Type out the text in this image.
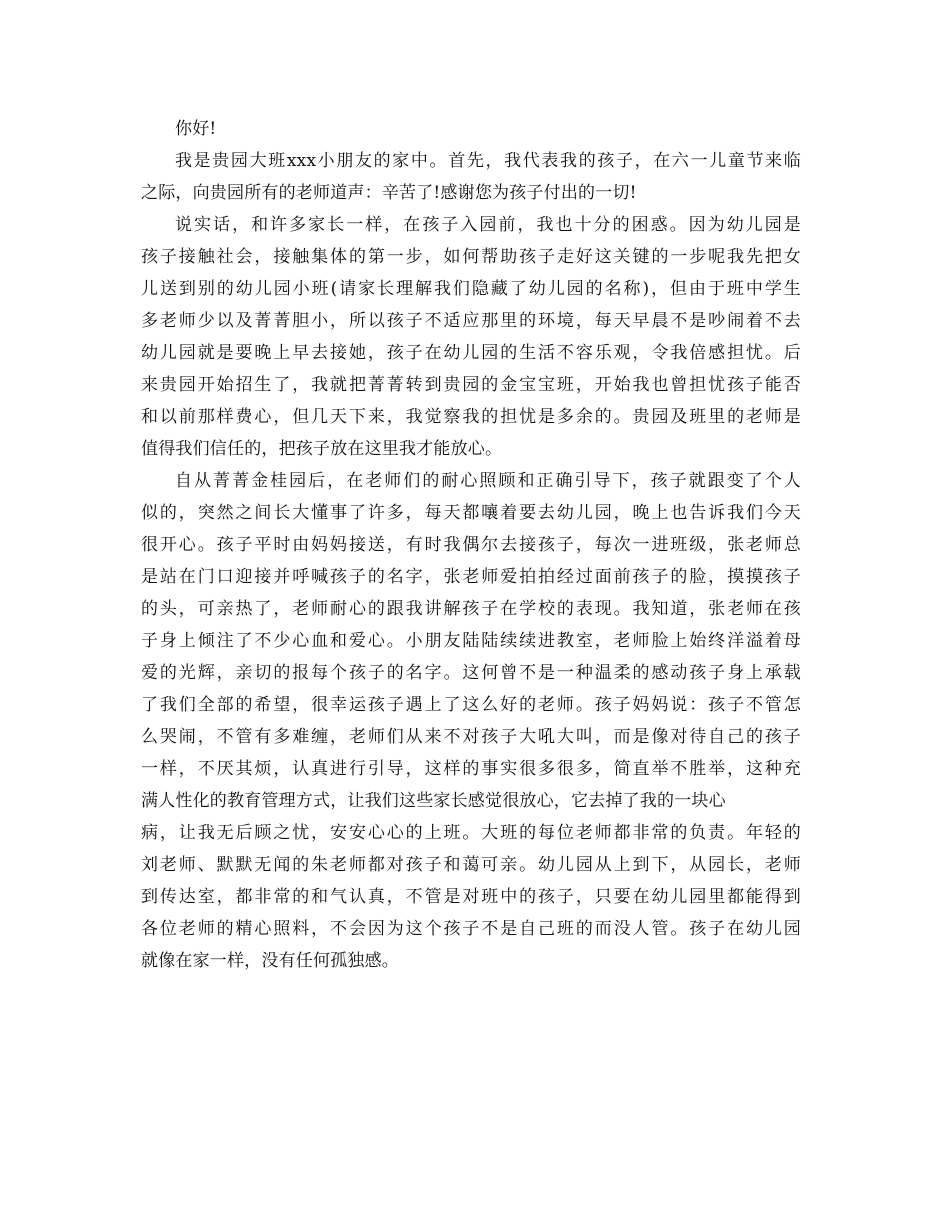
你好!
我是贵园大班xxx小朋友的家中。首先，我代表我的孩子，在六一儿童节来临
之际，向贵园所有的老师道声：辛苦了!感谢您为孩子付出的一切!
说实话，和许多家长一样，在孩子入园前，我也十分的困惑。因为幼儿园是
孩子接触社会，接触集体的第一步，如何帮助孩子走好这关键的一步呢我先把女
儿送到别的幼儿园小班(请家长理解我们隐藏了幼儿园的名称)，但由于班中学生
多老师少以及菁菁胆小，所以孩子不适应那里的环境，每天早晨不是吵闹着不去
幼儿园就是要晚上早去接她，孩子在幼儿园的生活不容乐观，令我倍感担忧。后
来贵园开始招生了，我就把菁菁转到贵园的金宝宝班，开始我也曾担忧孩子能否
和以前那样费心，但几天下来，我觉察我的担忧是多余的。贵园及班里的老师是
值得我们信任的，把孩子放在这里我才能放心。
自从菁菁金桂园后，在老师们的耐心照顾和正确引导下，孩子就跟变了个人
似的，突然之间长大懂事了许多，每天都嚷着要去幼儿园，晚上也告诉我们今天
很开心。孩子平时由妈妈接送，有时我偶尔去接孩子，每次一进班级，张老师总
是站在门口迎接并呼喊孩子的名字，张老师爱拍拍经过面前孩子的脸，摸摸孩子
的头，可亲热了，老师耐心的跟我讲解孩子在学校的表现。我知道，张老师在孩
子身上倾注了不少心血和爱心。小朋友陆陆续续进教室，老师脸上始终洋溢着母
爱的光辉，亲切的报每个孩子的名字。这何曾不是一种温柔的感动孩子身上承载
了我们全部的希望，很幸运孩子遇上了这么好的老师。孩子妈妈说：孩子不管怎
么哭闹，不管有多难缠，老师们从来不对孩子大吼大叫，而是像对待自己的孩子
一样，不厌其烦，认真进行引导，这样的事实很多很多，简直举不胜举，这种充
满人性化的教育管理方式，让我们这些家长感觉很放心，它去掉了我的一块心
病，让我无后顾之忧，安安心心的上班。大班的每位老师都非常的负责。年轻的
刘老师、默默无闻的朱老师都对孩子和蔼可亲。幼儿园从上到下，从园长，老师
到传达室，都非常的和气认真，不管是对班中的孩子，只要在幼儿园里都能得到
各位老师的精心照料，不会因为这个孩子不是自己班的而没人管。孩子在幼儿园
就像在家一样，没有任何孤独感。
